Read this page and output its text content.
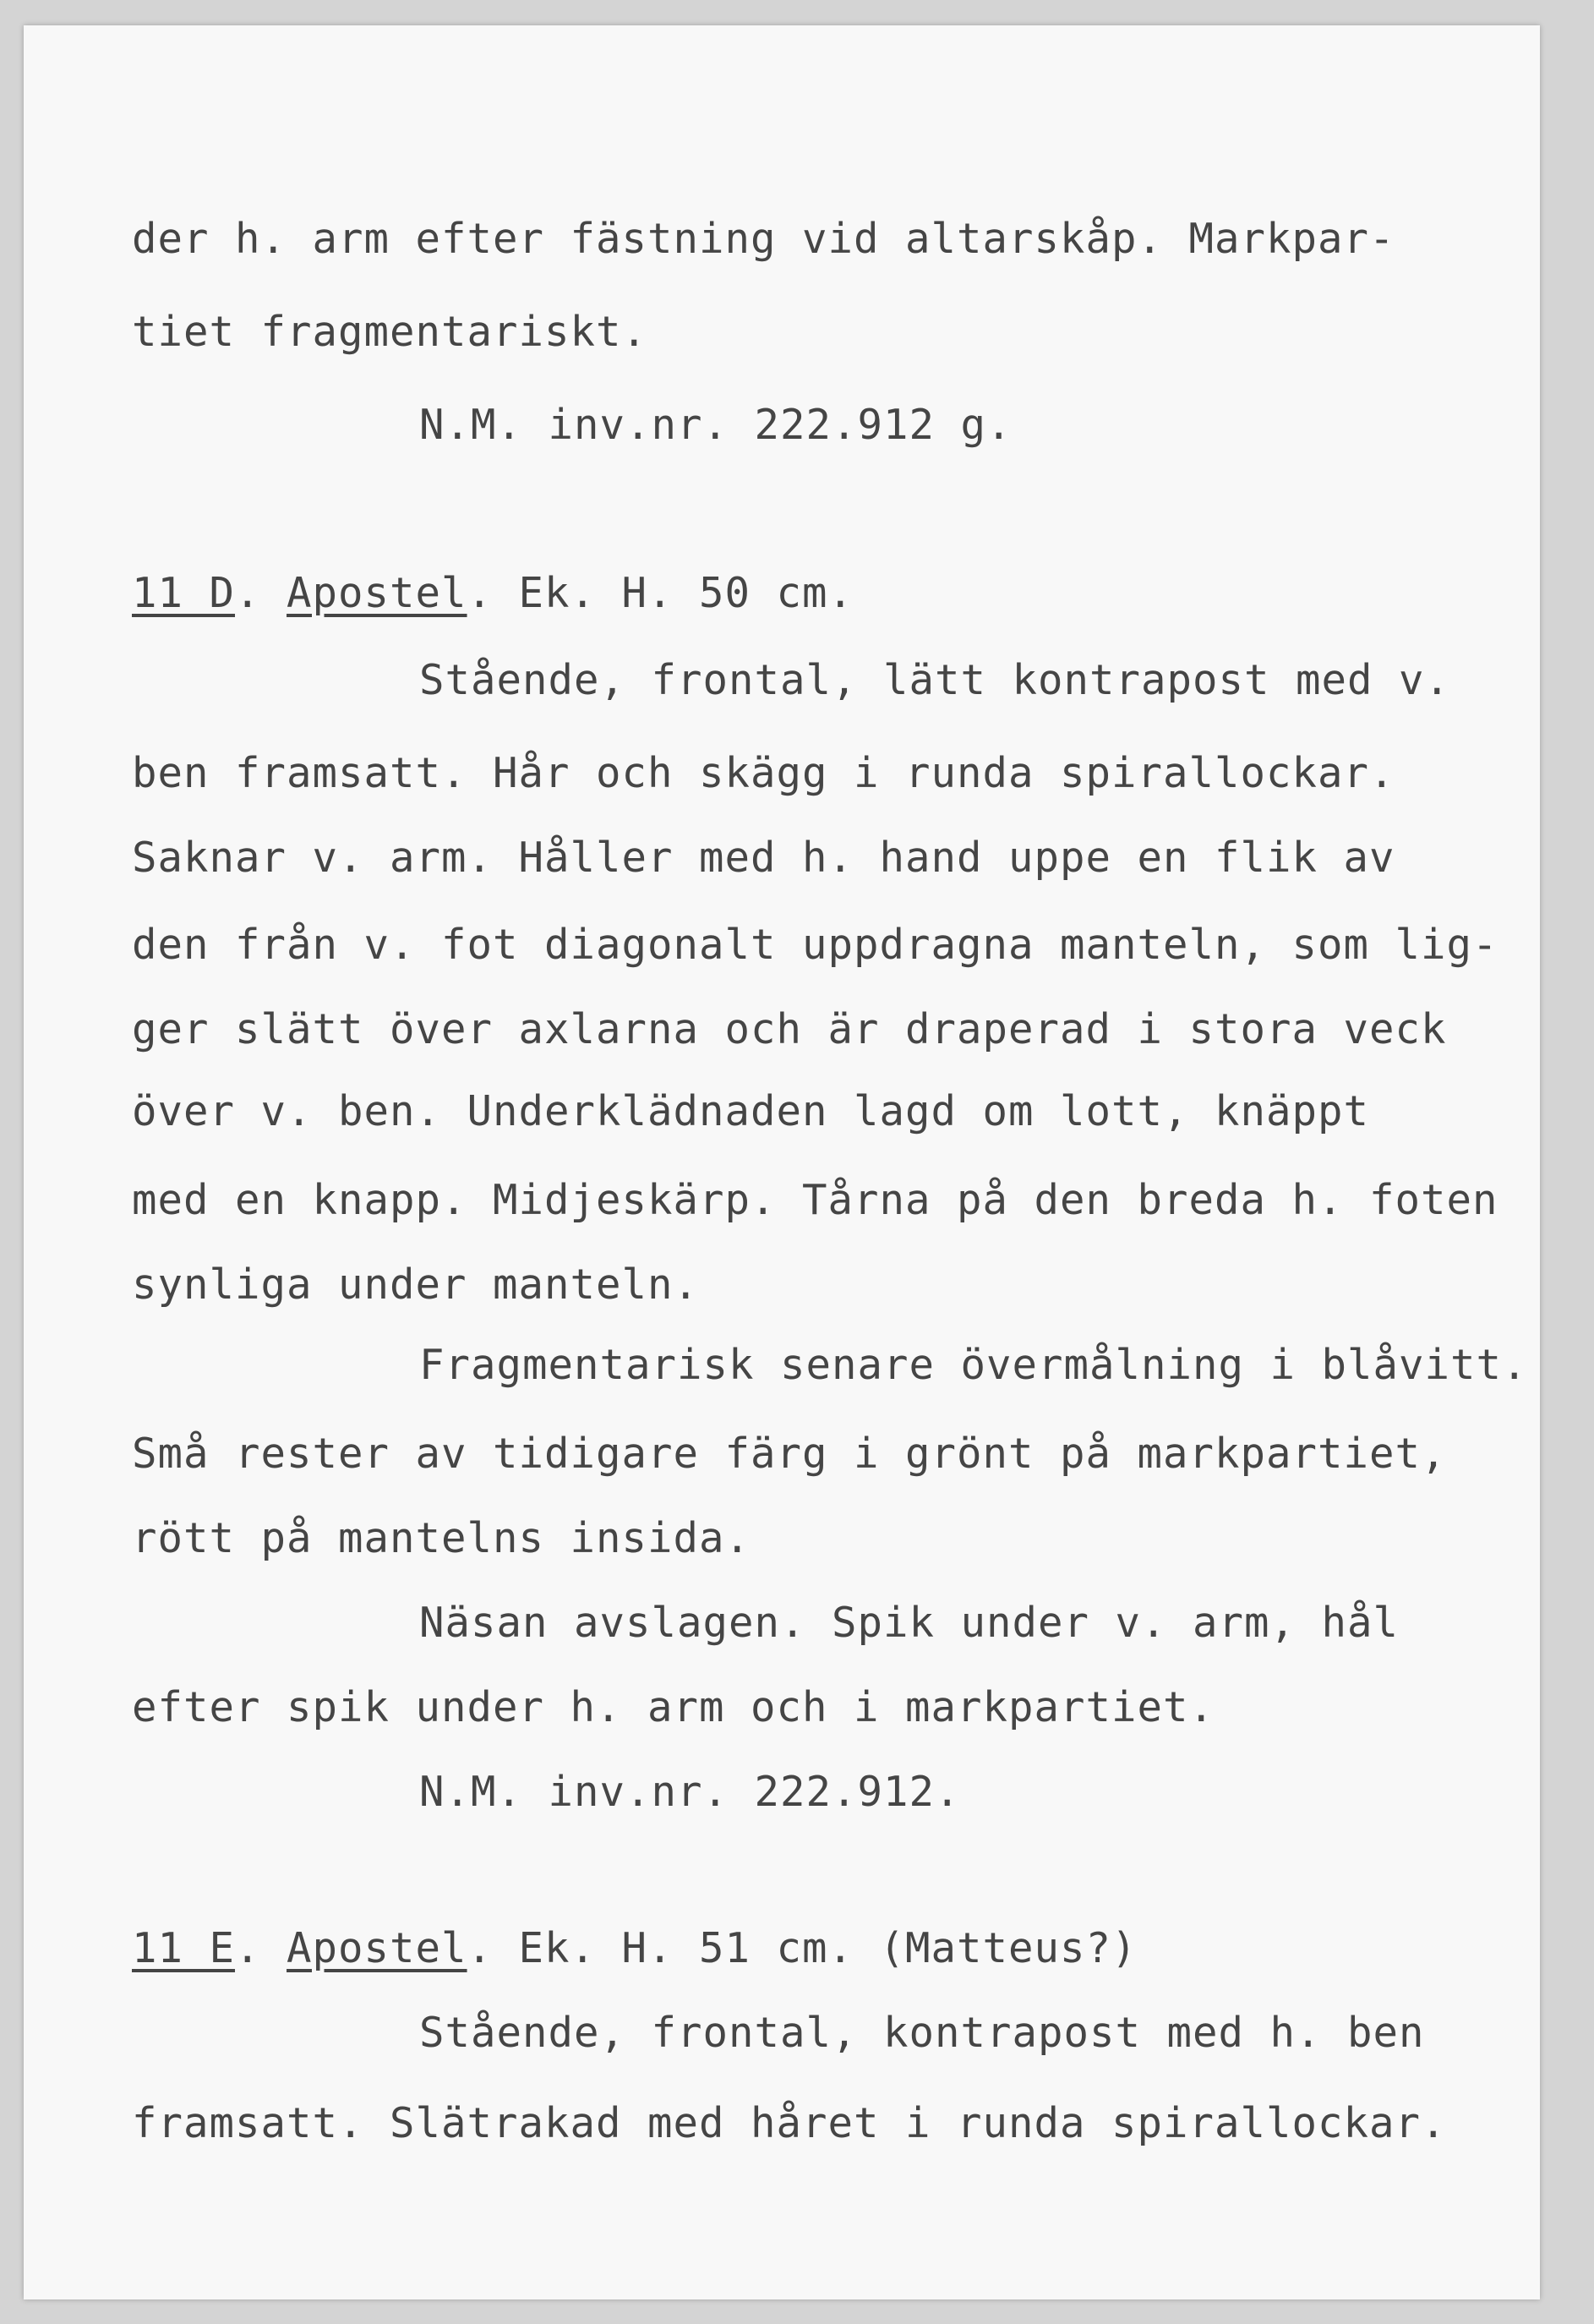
der h. arm efter fästning vid altarskåp. Markpar-
tiet fragmentariskt.
N.M. inv.nr. 222.912 g.
11 D. Apostel. Ek. H. 50 cm.
Stående, frontal, lätt kontrapost med v.
ben framsatt. Hår och skägg i runda spirallockar.
Saknar v. arm. Håller med h. hand uppe en flik av
den från v. fot diagonalt uppdragna manteln, som lig-
ger slätt över axlarna och är draperad i stora veck
över v. ben. Underklädnaden lagd om lott, knäppt
med en knapp. Midjeskärp. Tårna på den breda h. foten
synliga under manteln.
Fragmentarisk senare övermålning i blåvitt.
Små rester av tidigare färg i grönt på markpartiet,
rött på mantelns insida.
Näsan avslagen. Spik under v. arm, hål
efter spik under h. arm och i markpartiet.
N.M. inv.nr. 222.912.
11 E. Apostel. Ek. H. 51 cm. (Matteus?)
Stående, frontal, kontrapost med h. ben
framsatt. Slätrakad med håret i runda spirallockar.
